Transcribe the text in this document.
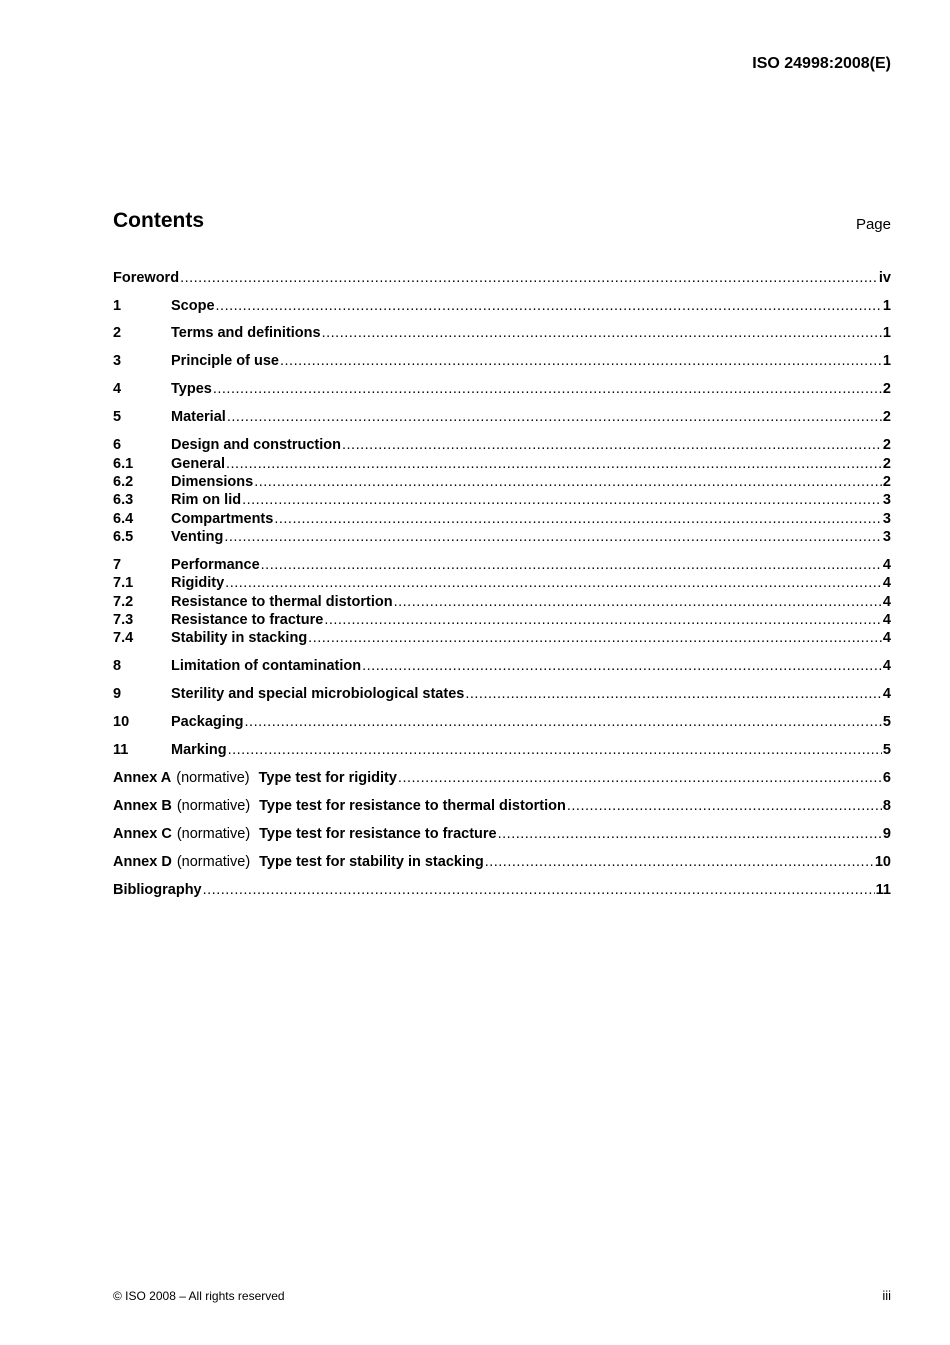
ISO 24998:2008(E)
Contents	Page
Foreword .....	iv
1	Scope .....	1
2	Terms and definitions .....	1
3	Principle of use .....	1
4	Types .....	2
5	Material .....	2
6	Design and construction .....	2
6.1	General .....	2
6.2	Dimensions .....	2
6.3	Rim on lid .....	3
6.4	Compartments .....	3
6.5	Venting .....	3
7	Performance .....	4
7.1	Rigidity .....	4
7.2	Resistance to thermal distortion .....	4
7.3	Resistance to fracture .....	4
7.4	Stability in stacking .....	4
8	Limitation of contamination .....	4
9	Sterility and special microbiological states .....	4
10	Packaging .....	5
11	Marking .....	5
Annex A (normative) Type test for rigidity .....	6
Annex B (normative) Type test for resistance to thermal distortion .....	8
Annex C (normative) Type test for resistance to fracture .....	9
Annex D (normative) Type test for stability in stacking .....	10
Bibliography .....	11
© ISO 2008 – All rights reserved	iii
